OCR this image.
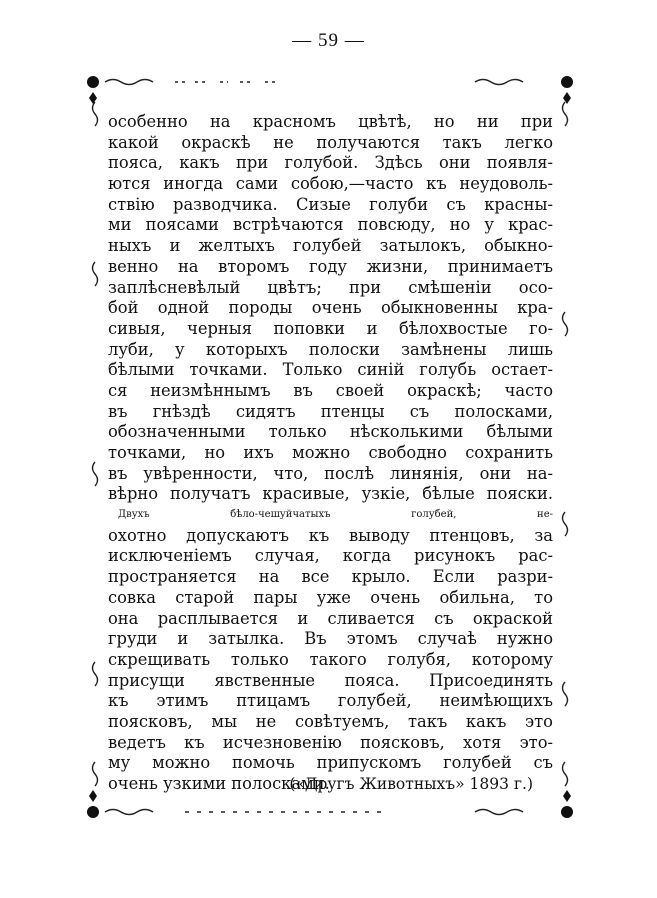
— 59 —
особенно на красномъ цвѣтѣ, но ни при
какой окраскѣ не получаются такъ легко
пояса, какъ при голубой. Здѣсь они появля-
ются иногда сами собою,—часто къ неудоволь-
ствію разводчика. Сизые голуби съ красны-
ми поясами встрѣчаются повсюду, но у крас-
ныхъ и желтыхъ голубей затылокъ, обыкно-
венно на второмъ году жизни, принимаетъ
заплѣсневѣлый цвѣтъ; при смѣшеніи осо-
бой одной породы очень обыкновенны кра-
сивыя, черныя поповки и бѣлохвостые го-
луби, у которыхъ полоски замѣнены лишь
бѣлыми точками. Только синій голубь остает-
ся неизмѣннымъ въ своей окраскѣ; часто
въ гнѣздѣ сидятъ птенцы съ полосками,
обозначенными только нѣсколькими бѣлыми
точками, но ихъ можно свободно сохранить
въ увѣренности, что, послѣ линянія, они на-
вѣрно получатъ красивые, узкіе, бѣлые пояски.
Двухъ бѣло-чешуйчатыхъ голубей, не-
охотно допускаютъ къ выводу птенцовъ, за
исключеніемъ случая, когда рисунокъ рас-
пространяется на все крыло. Если разри-
совка старой пары уже очень обильна, то
она расплывается и сливается съ окраской
груди и затылка. Въ этомъ случаѣ нужно
скрещивать только такого голубя, которому
присущи явственные пояса. Присоединять
къ этимъ птицамъ голубей, неимѣющихъ
поясковъ, мы не совѣтуемъ, такъ какъ это
ведетъ къ исчезновенію поясковъ, хотя это-
му можно помочь припускомъ голубей съ
очень узкими полосками.
(«Другъ Животныхъ» 1893 г.)
